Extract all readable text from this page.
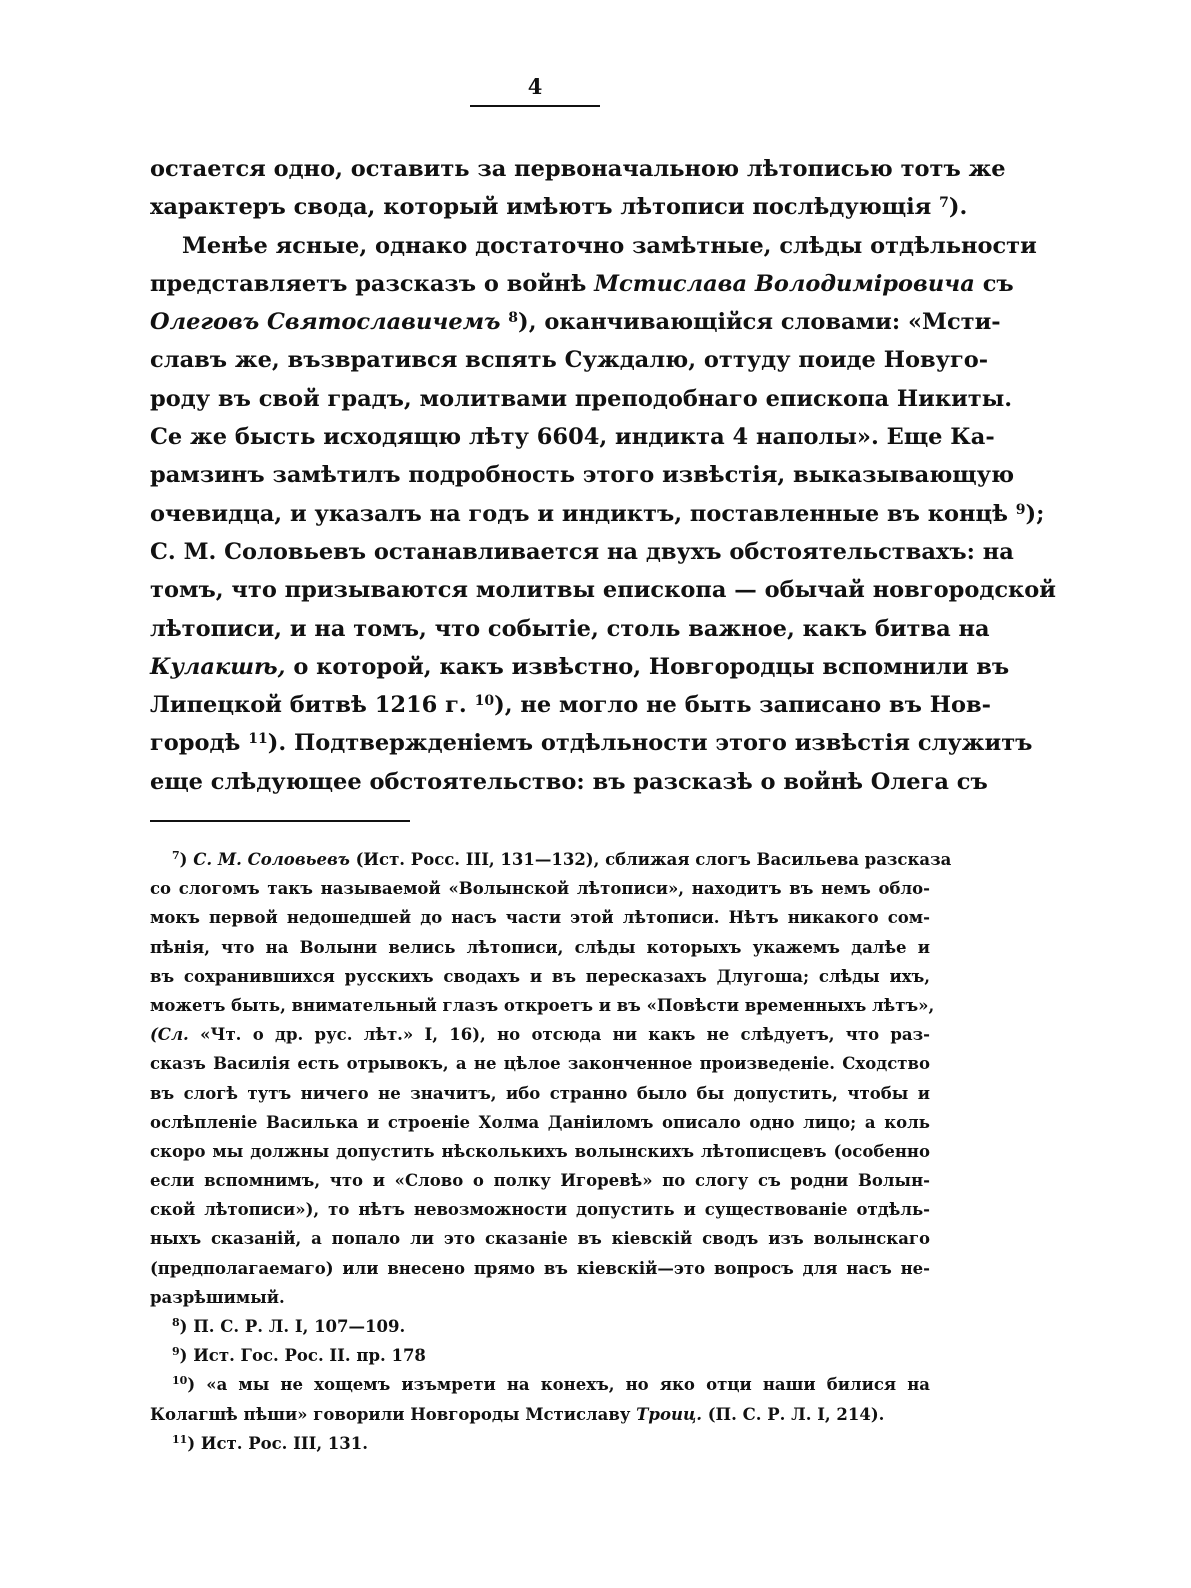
4
остается одно, оставить за первоначальною лѣтописью тотъ же
характеръ свода, который имѣютъ лѣтописи послѣдующія $^7$).
Менѣе ясные, однако достаточно замѣтные, слѣды отдѣльности
представляетъ разсказъ о войнѣ Мстислава Володиміровича съ
Олеговъ Святославичемъ $^8$), оканчивающійся словами: «Мсти-
славъ же, възвратився вспять Суждалю, оттуду поиде Новуго-
роду въ свой градъ, молитвами преподобнаго епископа Никиты.
Се же бысть исходящю лѣту 6604, индикта 4 наполы». Еще Ка-
рамзинъ замѣтилъ подробность этого извѣстія, выказывающую
очевидца, и указалъ на годъ и индиктъ, поставленные въ концѣ $^9$);
С. М. Соловьевъ останавливается на двухъ обстоятельствахъ: на
томъ, что призываются молитвы епископа — обычай новгородской
лѣтописи, и на томъ, что событіе, столь важное, какъ битва на
Кулакшѣ, о которой, какъ извѣстно, Новгородцы вспомнили въ
Липецкой битвѣ 1216 г. $^{10}$), не могло не быть записано въ Нов-
городѣ $^{11}$). Подтвержденіемъ отдѣльности этого извѣстія служитъ
еще слѣдующее обстоятельство: въ разсказѣ о войнѣ Олега съ
$^7$) С. М. Соловьевъ (Ист. Росс. III, 131—132), сближая слогъ Васильева разсказа
со слогомъ такъ называемой «Волынской лѣтописи», находитъ въ немъ обло-
мокъ первой недошедшей до насъ части этой лѣтописи. Нѣтъ никакого сом-
пѣнія, что на Волыни велись лѣтописи, слѣды которыхъ укажемъ далѣе и
въ сохранившихся русскихъ сводахъ и въ пересказахъ Длугоша; слѣды ихъ,
можетъ быть, внимательный глазъ откроетъ и въ «Повѣсти временныхъ лѣтъ»,
(Сл. «Чт. о др. рус. лѣт.» I, 16), но отсюда ни какъ не слѣдуетъ, что раз-
сказъ Василія есть отрывокъ, а не цѣлое законченное произведеніе. Сходство
въ слогѣ тутъ ничего не значитъ, ибо странно было бы допустить, чтобы и
ослѣпленіе Василька и строеніе Холма Даніиломъ описало одно лицо; а коль
скоро мы должны допустить нѣсколькихъ волынскихъ лѣтописцевъ (особенно
если вспомнимъ, что и «Слово о полку Игоревѣ» по слогу съ родни Волын-
ской лѣтописи»), то нѣтъ невозможности допустить и существованіе отдѣль-
ныхъ сказаній, а попало ли это сказаніе въ кіевскій сводъ изъ волынскаго
(предполагаемаго) или внесено прямо въ кіевскій—это вопросъ для насъ не-
разрѣшимый.
$^8$) П. С. Р. Л. I, 107—109.
$^9$) Ист. Гос. Рос. II. пр. 178
$^{10}$) «а мы не хощемъ изъмрети на конехъ, но яко отци наши билися на
Колагшѣ пѣши» говорили Новгороды Мстиславу Троиц. (П. С. Р. Л. I, 214).
$^{11}$) Ист. Рос. III, 131.
